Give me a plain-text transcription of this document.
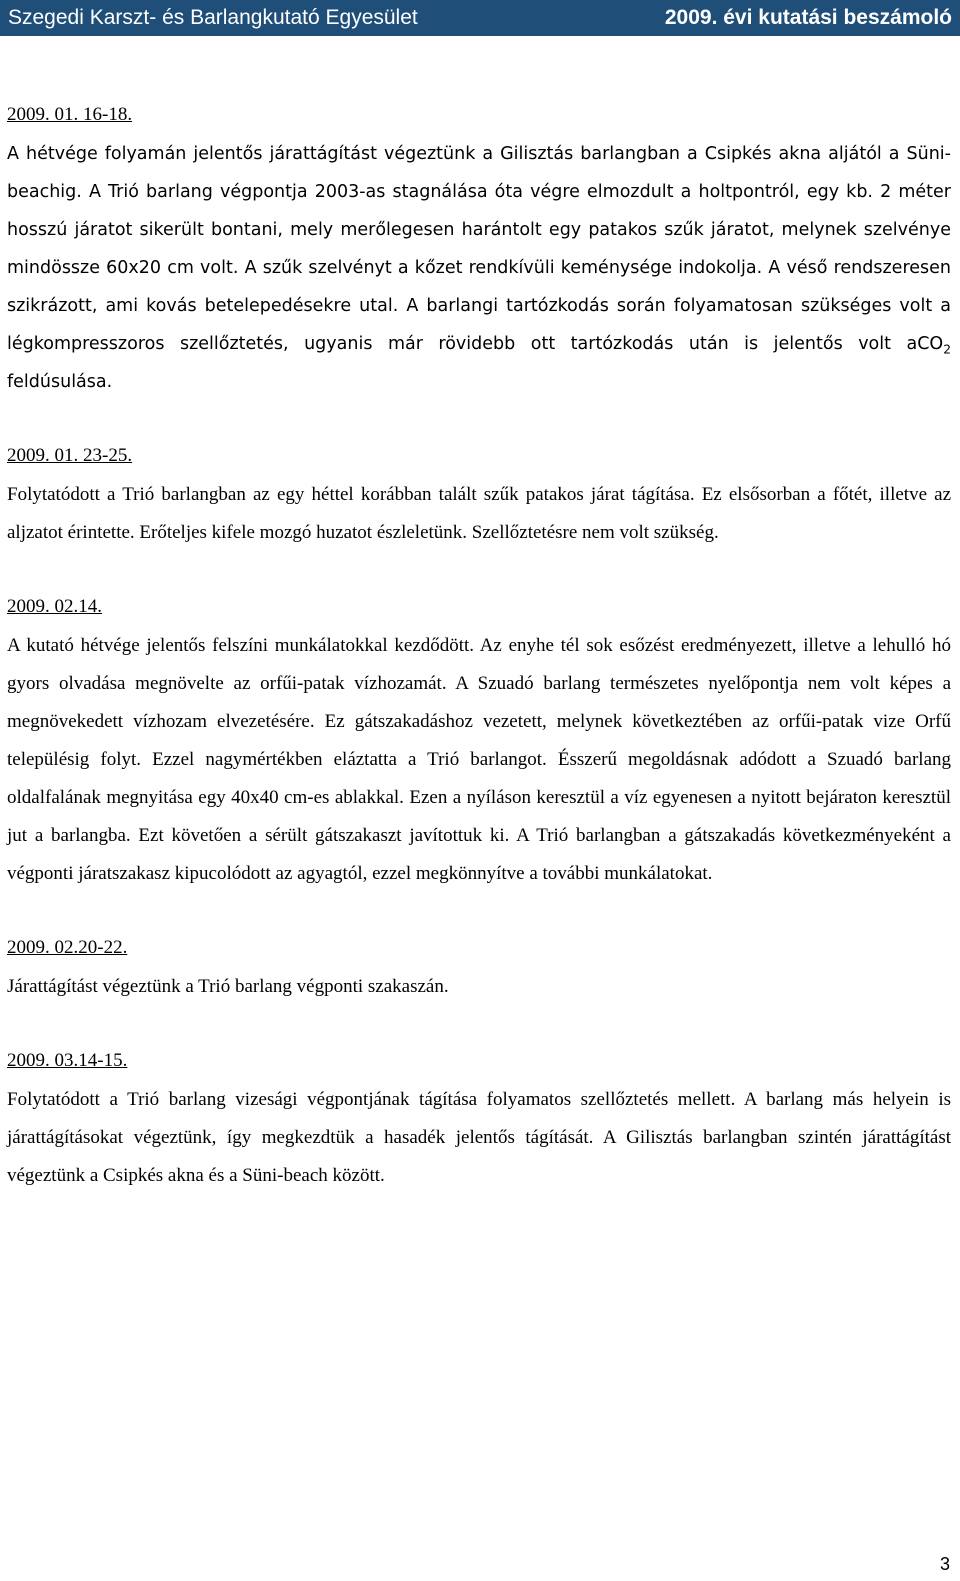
Szegedi Karszt- és Barlangkutató Egyesület	2009. évi kutatási beszámoló
2009. 01. 16-18.

A hétvége folyamán jelentős járattágítást végeztünk a Gilisztás barlangban a Csipkés akna aljától a Süni-beachig. A Trió barlang végpontja 2003-as stagnálása óta végre elmozdult a holtpontról, egy kb. 2 méter hosszú járatot sikerült bontani, mely merőlegesen harántolt egy patakos szűk járatot, melynek szelvénye mindössze 60x20 cm volt. A szűk szelvényt a kőzet rendkívüli keménysége indokolja. A véső rendszeresen szikrázott, ami kovás betelepedésekre utal. A barlangi tartózkodás során folyamatosan szükséges volt a légkompresszoros szellőztetés, ugyanis már rövidebb ott tartózkodás után is jelentős volt aCO$_2$ feldúsulása.

2009. 01. 23-25.

Folytatódott a Trió barlangban az egy héttel korábban talált szűk patakos járat tágítása. Ez elsősorban a főtét, illetve az aljzatot érintette. Erőteljes kifele mozgó huzatot észleletünk. Szellőztetésre nem volt szükség.

2009. 02.14.

A kutató hétvége jelentős felszíni munkálatokkal kezdődött. Az enyhe tél sok esőzést eredményezett, illetve a lehulló hó gyors olvadása megnövelte az orfűi-patak vízhozamát. A Szuadó barlang természetes nyelőpontja nem volt képes a megnövekedett vízhozam elvezetésére. Ez gátszakadáshoz vezetett, melynek következtében az orfűi-patak vize Orfű településig folyt. Ezzel nagymértékben eláztatta a Trió barlangot. Ésszerű megoldásnak adódott a Szuadó barlang oldalfalának megnyitása egy 40x40 cm-es ablakkal. Ezen a nyíláson keresztül a víz egyenesen a nyitott bejáraton keresztül jut a barlangba. Ezt követően a sérült gátszakaszt javítottuk ki. A Trió barlangban a gátszakadás következményeként a végponti járatszakasz kipucolódott az agyagtól, ezzel megkönnyítve a további munkálatokat.

2009. 02.20-22.

Járattágítást végeztünk a Trió barlang végponti szakaszán.

2009. 03.14-15.

Folytatódott a Trió barlang vizesági végpontjának tágítása folyamatos szellőztetés mellett. A barlang más helyein is járattágításokat végeztünk, így megkezdtük a hasadék jelentős tágítását. A Gilisztás barlangban szintén járattágítást végeztünk a Csipkés akna és a Süni-beach között.

3
